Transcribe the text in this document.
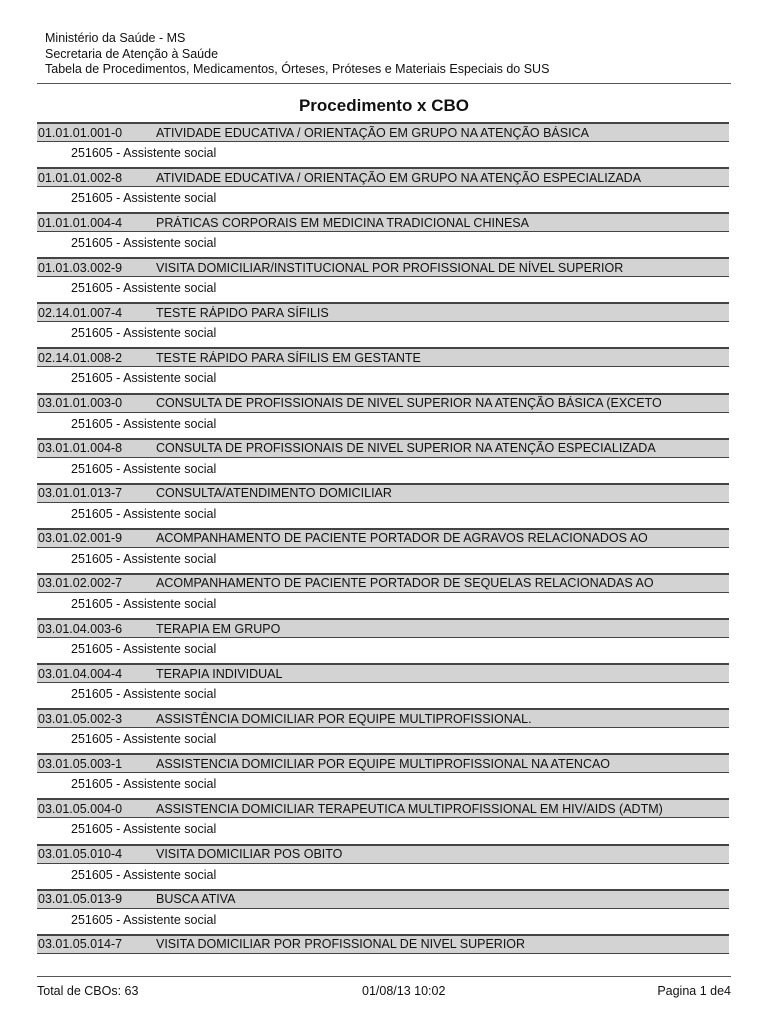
Ministério da Saúde - MS
Secretaria de Atenção à Saúde
Tabela de Procedimentos, Medicamentos, Órteses, Próteses e Materiais Especiais do SUS
Procedimento x CBO
01.01.01.001-0	ATIVIDADE EDUCATIVA / ORIENTAÇÃO EM GRUPO NA ATENÇÃO BÁSICA
251605 - Assistente social
01.01.01.002-8	ATIVIDADE EDUCATIVA / ORIENTAÇÃO EM GRUPO NA ATENÇÃO ESPECIALIZADA
251605 - Assistente social
01.01.01.004-4	PRÁTICAS CORPORAIS EM MEDICINA TRADICIONAL CHINESA
251605 - Assistente social
01.01.03.002-9	VISITA DOMICILIAR/INSTITUCIONAL POR PROFISSIONAL DE NÍVEL SUPERIOR
251605 - Assistente social
02.14.01.007-4	TESTE RÁPIDO PARA SÍFILIS
251605 - Assistente social
02.14.01.008-2	TESTE RÁPIDO PARA SÍFILIS EM GESTANTE
251605 - Assistente social
03.01.01.003-0	CONSULTA DE PROFISSIONAIS DE NIVEL SUPERIOR NA ATENÇÃO BÁSICA (EXCETO
251605 - Assistente social
03.01.01.004-8	CONSULTA DE PROFISSIONAIS DE NIVEL SUPERIOR NA ATENÇÃO ESPECIALIZADA
251605 - Assistente social
03.01.01.013-7	CONSULTA/ATENDIMENTO DOMICILIAR
251605 - Assistente social
03.01.02.001-9	ACOMPANHAMENTO DE PACIENTE PORTADOR DE AGRAVOS RELACIONADOS AO
251605 - Assistente social
03.01.02.002-7	ACOMPANHAMENTO DE PACIENTE PORTADOR DE SEQUELAS RELACIONADAS AO
251605 - Assistente social
03.01.04.003-6	TERAPIA EM GRUPO
251605 - Assistente social
03.01.04.004-4	TERAPIA INDIVIDUAL
251605 - Assistente social
03.01.05.002-3	ASSISTÊNCIA DOMICILIAR POR EQUIPE MULTIPROFISSIONAL.
251605 - Assistente social
03.01.05.003-1	ASSISTENCIA DOMICILIAR POR EQUIPE MULTIPROFISSIONAL NA ATENCAO
251605 - Assistente social
03.01.05.004-0	ASSISTENCIA DOMICILIAR TERAPEUTICA MULTIPROFISSIONAL EM HIV/AIDS (ADTM)
251605 - Assistente social
03.01.05.010-4	VISITA DOMICILIAR POS OBITO
251605 - Assistente social
03.01.05.013-9	BUSCA ATIVA
251605 - Assistente social
03.01.05.014-7	VISITA DOMICILIAR POR PROFISSIONAL DE NIVEL SUPERIOR
Total de CBOs: 63	01/08/13 10:02	Pagina 1 de4
